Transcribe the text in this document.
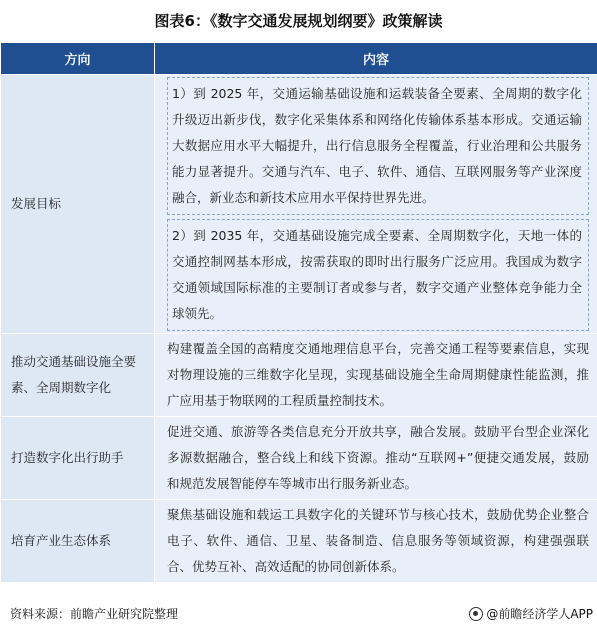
图表6：《数字交通发展规划纲要》政策解读
方向	内容
发展目标	1）到 2025 年，交通运输基础设施和运载装备全要素、全周期的数字化升级迈出新步伐，数字化采集体系和网络化传输体系基本形成。交通运输大数据应用水平大幅提升，出行信息服务全程覆盖，行业治理和公共服务能力显著提升。交通与汽车、电子、软件、通信、互联网服务等产业深度融合，新业态和新技术应用水平保持世界先进。
2）到 2035 年，交通基础设施完成全要素、全周期数字化，天地一体的交通控制网基本形成，按需获取的即时出行服务广泛应用。我国成为数字交通领域国际标准的主要制订者或参与者，数字交通产业整体竞争能力全球领先。

推动交通基础设施全要素、全周期数字化	构建覆盖全国的高精度交通地理信息平台，完善交通工程等要素信息，实现对物理设施的三维数字化呈现，实现基础设施全生命周期健康性能监测，推广应用基于物联网的工程质量控制技术。
打造数字化出行助手	促进交通、旅游等各类信息充分开放共享，融合发展。鼓励平台型企业深化多源数据融合，整合线上和线下资源。推动“互联网+”便捷交通发展，鼓励和规范发展智能停车等城市出行服务新业态。
培育产业生态体系	聚焦基础设施和载运工具数字化的关键环节与核心技术，鼓励优势企业整合电子、软件、通信、卫星、装备制造、信息服务等领域资源，构建强强联合、优势互补、高效适配的协同创新体系。
资料来源：前瞻产业研究院整理	@前瞻经济学人APP
